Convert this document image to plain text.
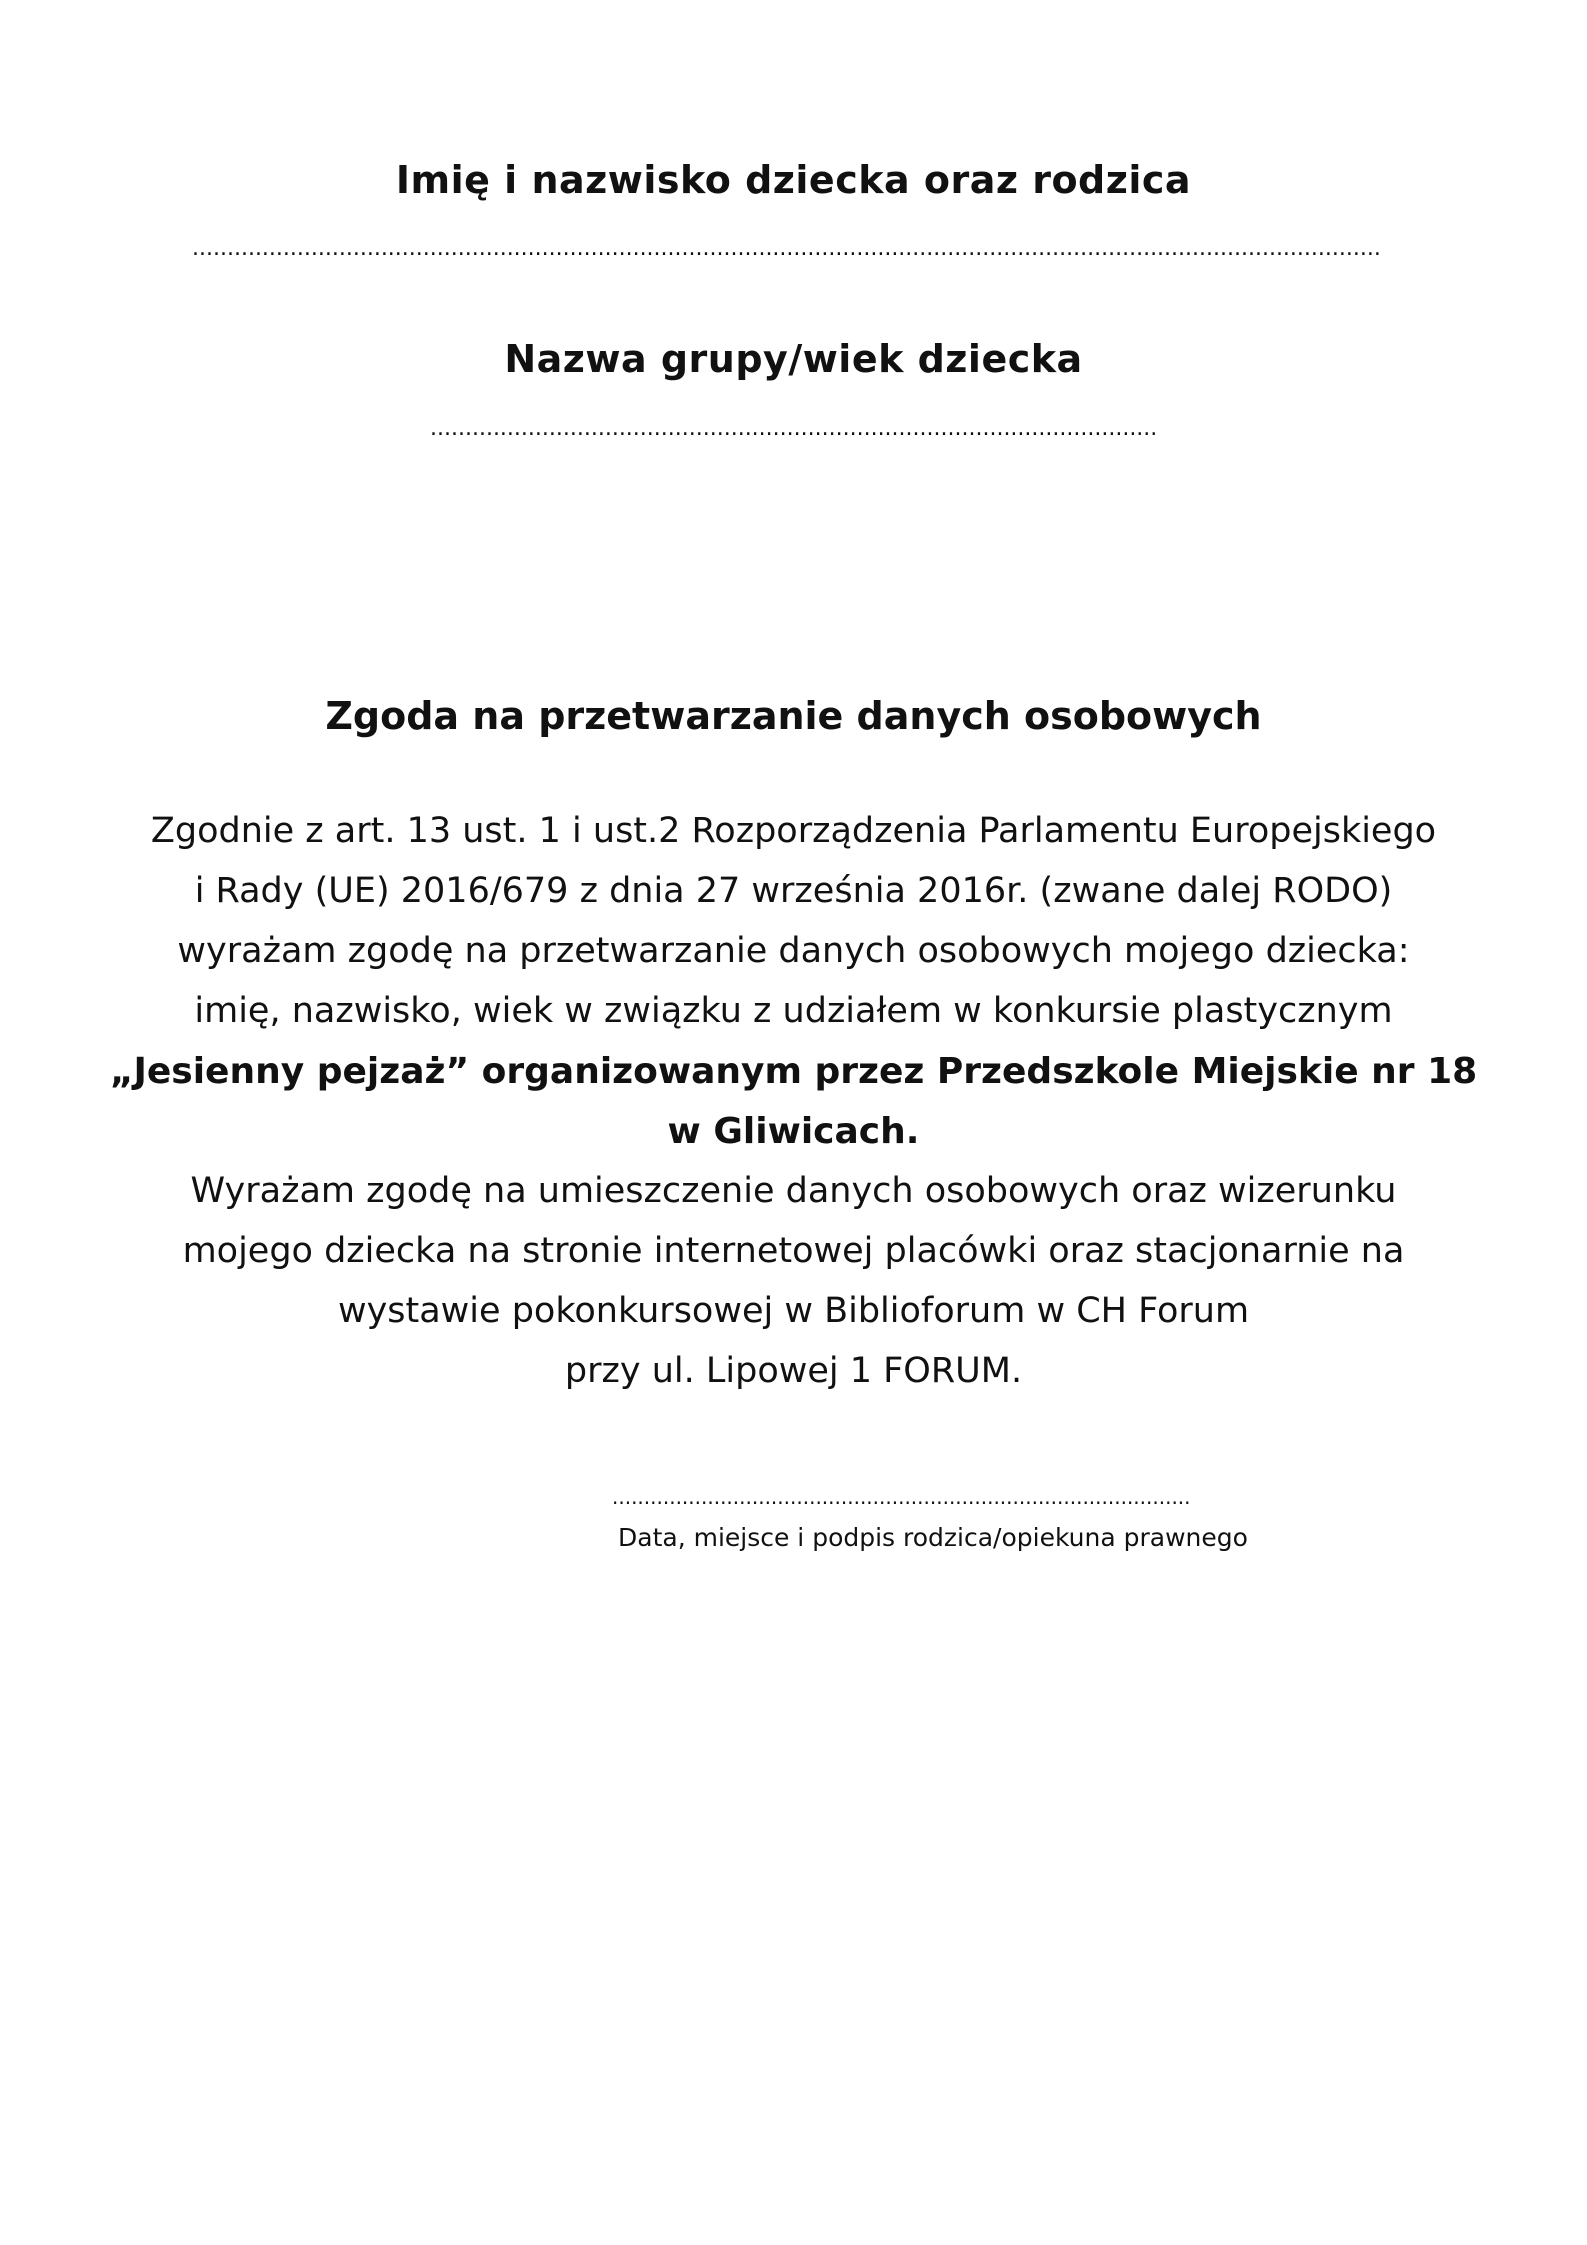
Imię i nazwisko dziecka oraz rodzica
..........................................................................................................................................................................
Nazwa grupy/wiek dziecka
........................................................................................................
Zgoda na przetwarzanie danych osobowych
Zgodnie z art. 13 ust. 1 i ust.2 Rozporządzenia Parlamentu Europejskiego
i Rady (UE) 2016/679 z dnia 27 września 2016r. (zwane dalej RODO)
wyrażam zgodę na przetwarzanie danych osobowych mojego dziecka:
imię, nazwisko, wiek w związku z udziałem w konkursie plastycznym
„Jesienny pejzaż” organizowanym przez Przedszkole Miejskie nr 18
w Gliwicach.
Wyrażam zgodę na umieszczenie danych osobowych oraz wizerunku
mojego dziecka na stronie internetowej placówki oraz stacjonarnie na
wystawie pokonkursowej w Biblioforum w CH Forum
przy ul. Lipowej 1 FORUM.
...........................................................................................
Data, miejsce i podpis rodzica/opiekuna prawnego
